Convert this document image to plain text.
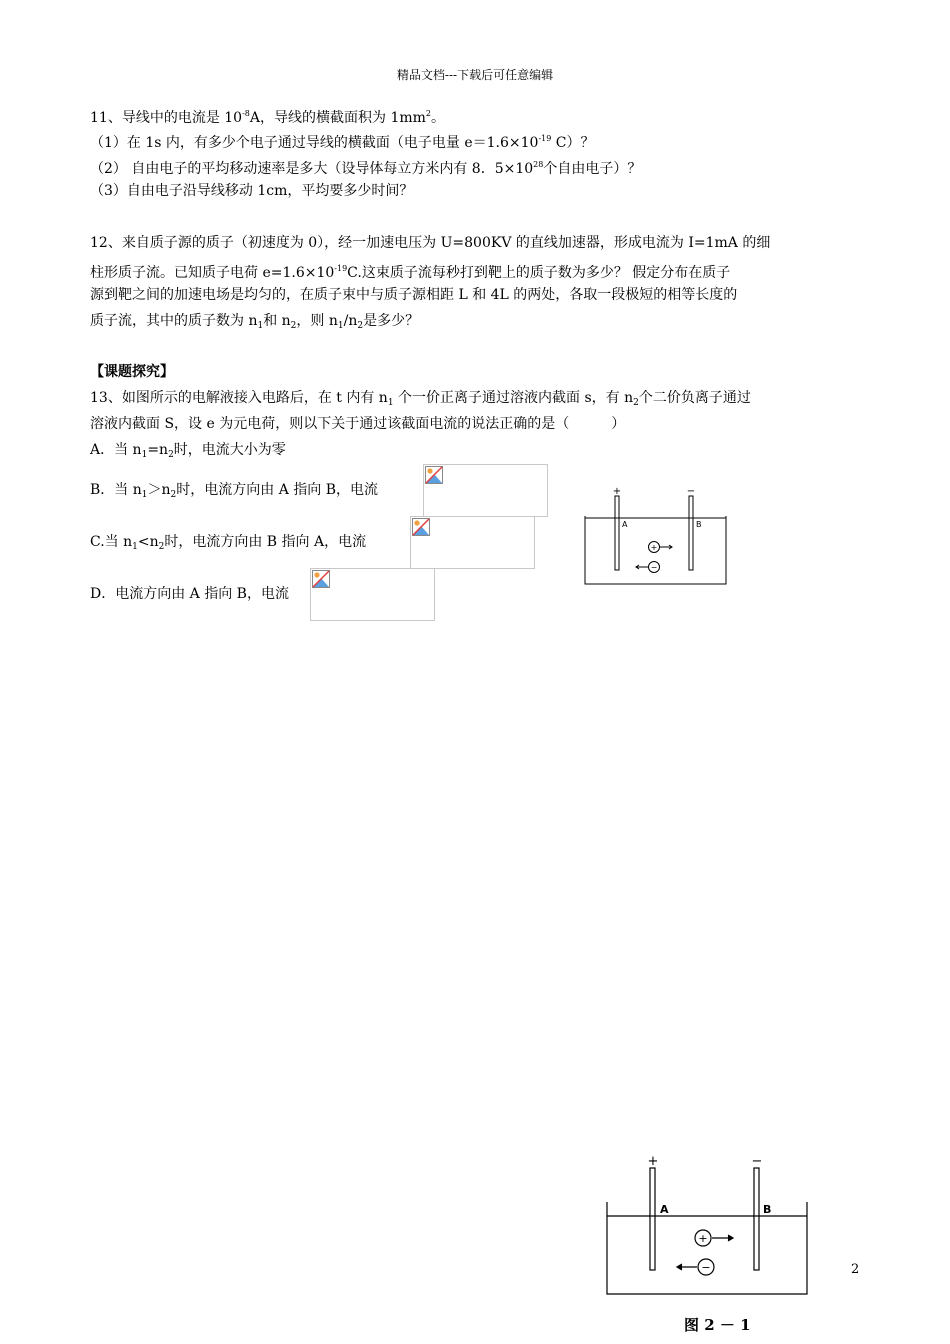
精品文档---下载后可任意编辑
11、导线中的电流是 $10^{-8}A$，导线的横截面积为 $1mm^2$。
（1）在 1s 内，有多少个电子通过导线的横截面（电子电量 $e=1.6\times 10^{-19}$ C）？
（2） 自由电子的平均移动速率是多大（设导体每立方米内有 8．$5\times 10^{28}$个自由电子）？
（3）自由电子沿导线移动 1cm，平均要多少时间？
12、来自质子源的质子（初速度为 0），经一加速电压为 U=800KV 的直线加速器，形成电流为 I=1mA 的细
柱形质子流。已知质子电荷 $e=1.6\times 10^{-19}C$.这束质子流每秒打到靶上的质子数为多少？ 假定分布在质子
源到靶之间的加速电场是均匀的，在质子束中与质子源相距 L 和 4L 的两处，各取一段极短的相等长度的
质子流，其中的质子数为 $n_1$和 $n_2$，则 $n_1/n_2$是多少？
【课题探究】
13、如图所示的电解液接入电路后，在 t 内有 $n_1$ 个一价正离子通过溶液内截面 s，有 $n_2$个二价负离子通过
溶液内截面 S，设 e 为元电荷，则以下关于通过该截面电流的说法正确的是（　　　）
A．当 $n_1=n_2$时，电流大小为零
B．当 $n_1>n_2$时，电流方向由 A 指向 B，电流
C.当 $n_1<n_2$时，电流方向由 B 指向 A，电流
D．电流方向由 A 指向 B，电流
+	−
A	B
+
−
+	−
A	B
+
−
图 2 － 1
2
